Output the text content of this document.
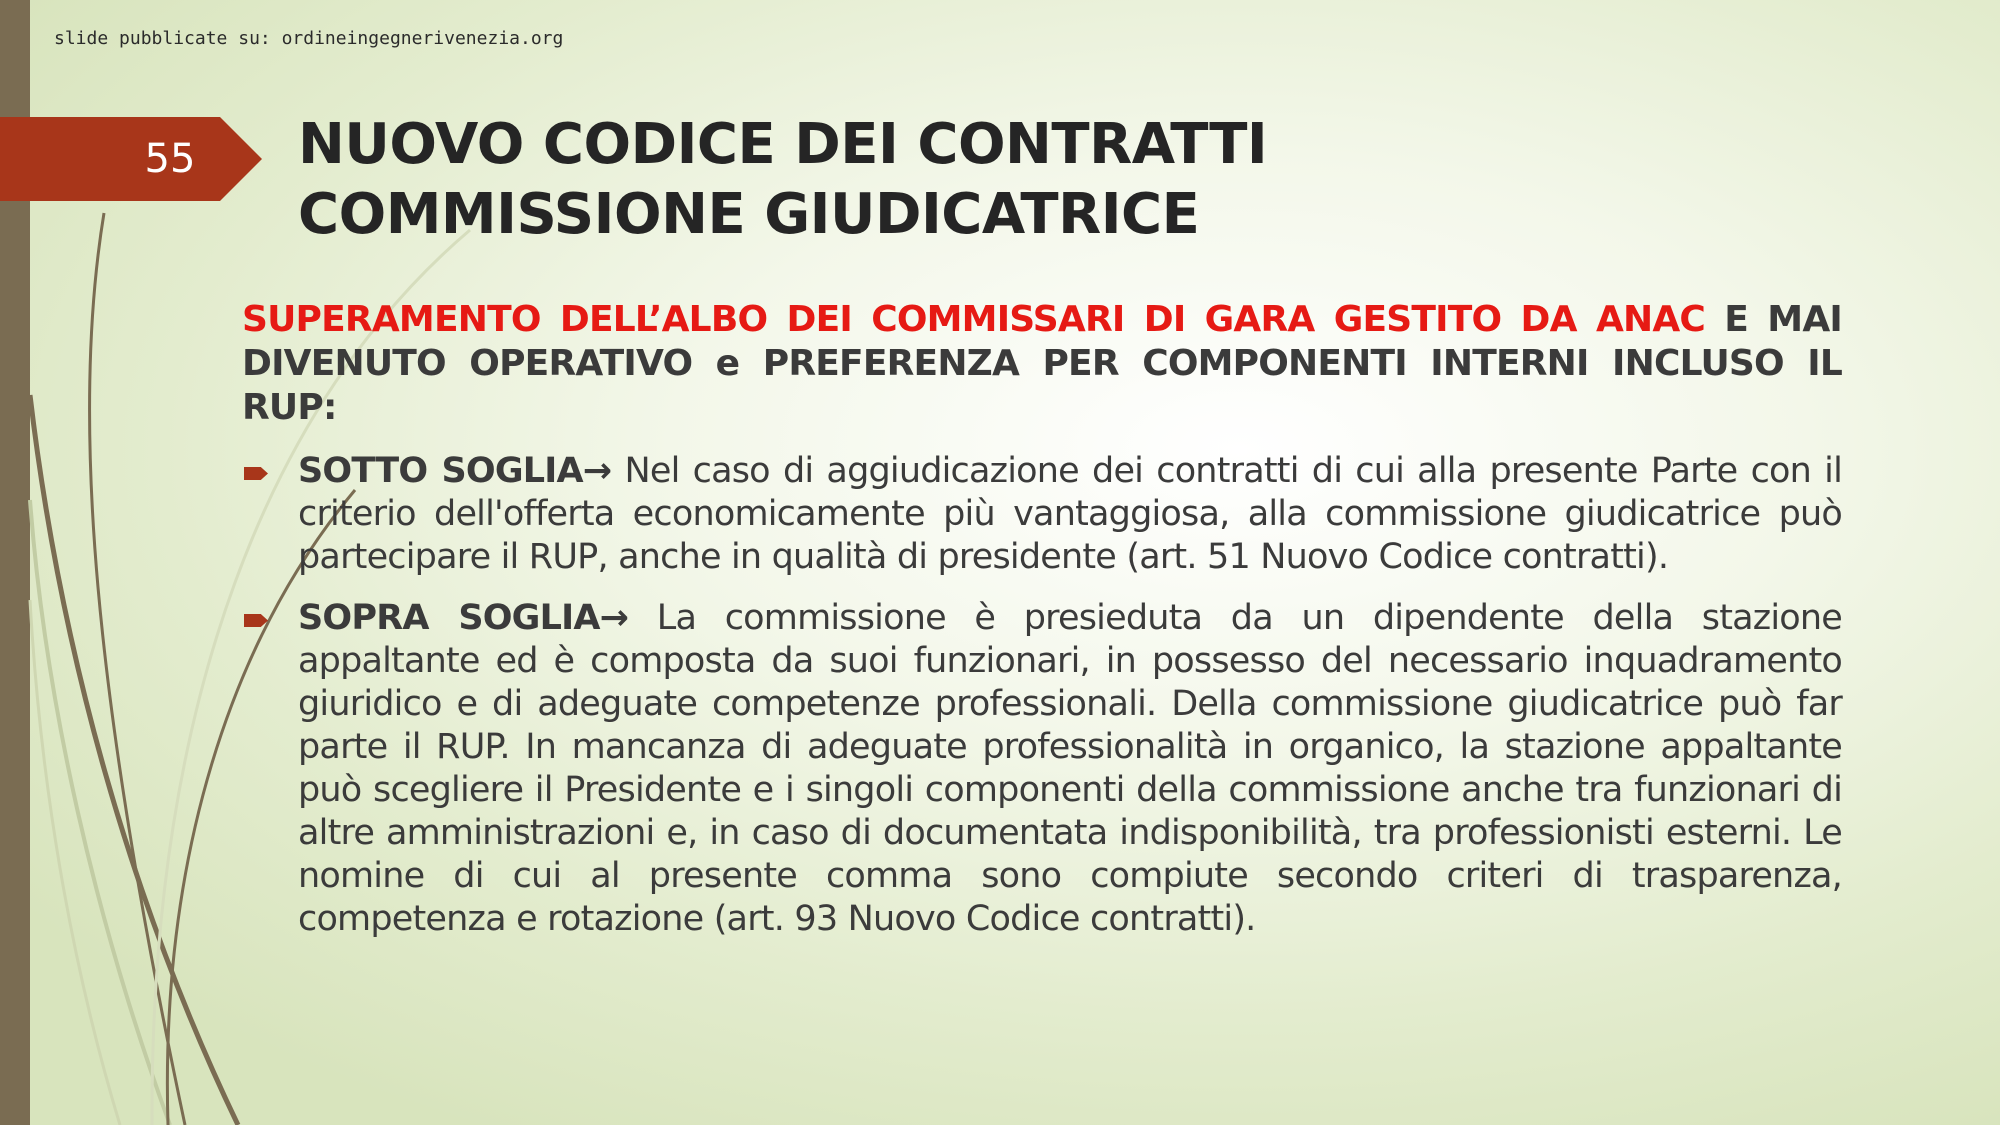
slide pubblicate su: ordineingegnerivenezia.org
55	NUOVO CODICE DEI CONTRATTI
COMMISSIONE GIUDICATRICE

SUPERAMENTO DELL’ALBO DEI COMMISSARI DI GARA GESTITO DA ANAC E MAI DIVENUTO OPERATIVO e PREFERENZA PER COMPONENTI INTERNI INCLUSO IL RUP:

SOTTO SOGLIA→ Nel caso di aggiudicazione dei contratti di cui alla presente Parte con il criterio dell'offerta economicamente più vantaggiosa, alla commissione giudicatrice può partecipare il RUP, anche in qualità di presidente (art. 51 Nuovo Codice contratti).
SOPRA SOGLIA→ La commissione è presieduta da un dipendente della stazione appaltante ed è composta da suoi funzionari, in possesso del necessario inquadramento giuridico e di adeguate competenze professionali. Della commissione giudicatrice può far parte il RUP. In mancanza di adeguate professionalità in organico, la stazione appaltante può scegliere il Presidente e i singoli componenti della commissione anche tra funzionari di altre amministrazioni e, in caso di documentata indisponibilità, tra professionisti esterni. Le nomine di cui al presente comma sono compiute secondo criteri di trasparenza, competenza e rotazione (art. 93 Nuovo Codice contratti).
